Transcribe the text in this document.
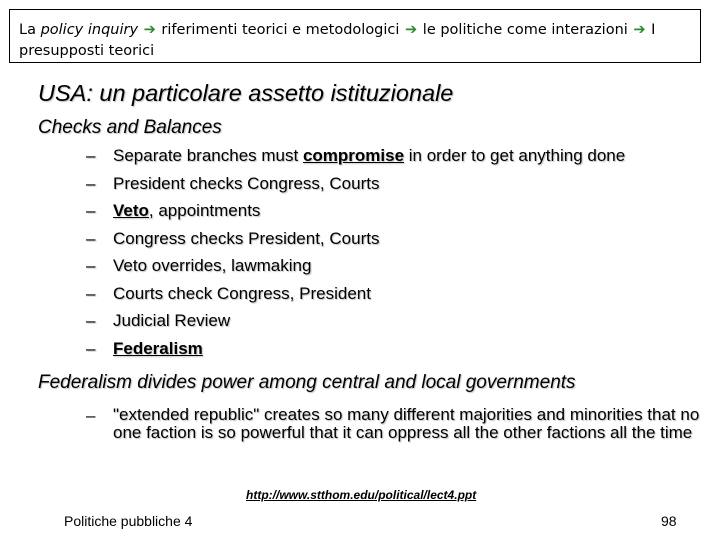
La policy inquiry ➔ riferimenti teorici e metodologici ➔ le politiche come interazioni ➔ I
presupposti teorici
USA: un particolare assetto istituzionale
Checks and Balances
– Separate branches must compromise in order to get anything done
– President checks Congress, Courts
– Veto, appointments
– Congress checks President, Courts
– Veto overrides, lawmaking
– Courts check Congress, President
– Judicial Review
– Federalism
Federalism divides power among central and local governments
– "extended republic" creates so many different majorities and minorities that no one faction is so powerful that it can oppress all the other factions all the time
http://www.stthom.edu/political/lect4.ppt
Politiche pubbliche 4	98
